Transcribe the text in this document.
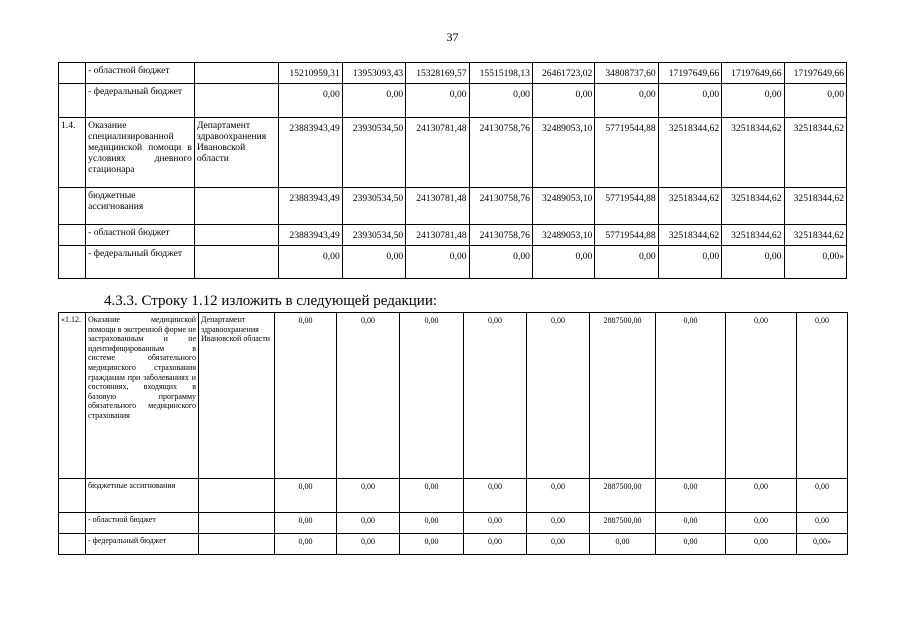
37
	- областной бюджет		15210959,31	13953093,43	15328169,57	15515198,13	26461723,02	34808737,60	17197649,66	17197649,66	17197649,66
	- федеральный бюджет		0,00	0,00	0,00	0,00	0,00	0,00	0,00	0,00	0,00
1.4.	Оказание специализированной медицинской помощи в условиях дневного стационара	Департамент здравоохранения Ивановской области	23883943,49	23930534,50	24130781,48	24130758,76	32489053,10	57719544,88	32518344,62	32518344,62	32518344,62
	бюджетные ассигнования		23883943,49	23930534,50	24130781,48	24130758,76	32489053,10	57719544,88	32518344,62	32518344,62	32518344,62
	- областной бюджет		23883943,49	23930534,50	24130781,48	24130758,76	32489053,10	57719544,88	32518344,62	32518344,62	32518344,62
	- федеральный бюджет		0,00	0,00	0,00	0,00	0,00	0,00	0,00	0,00	0,00»
4.3.3. Строку 1.12 изложить в следующей редакции:
«1.12.	Оказание медицинской помощи в экстренной форме не застрахованным и не идентифицированным в системе обязательного медицинского страхования гражданам при заболеваниях и состояниях, входящих в базовую программу обязательного медицинского страхования	Департамент здравоохранения Ивановской области	0,00	0,00	0,00	0,00	0,00	2887500,00	0,00	0,00	0,00
	бюджетные ассигнования		0,00	0,00	0,00	0,00	0,00	2887500,00	0,00	0,00	0,00
	- областной бюджет		0,00	0,00	0,00	0,00	0,00	2887500,00	0,00	0,00	0,00
	- федеральный бюджет		0,00	0,00	0,00	0,00	0,00	0,00	0,00	0,00	0,00»
